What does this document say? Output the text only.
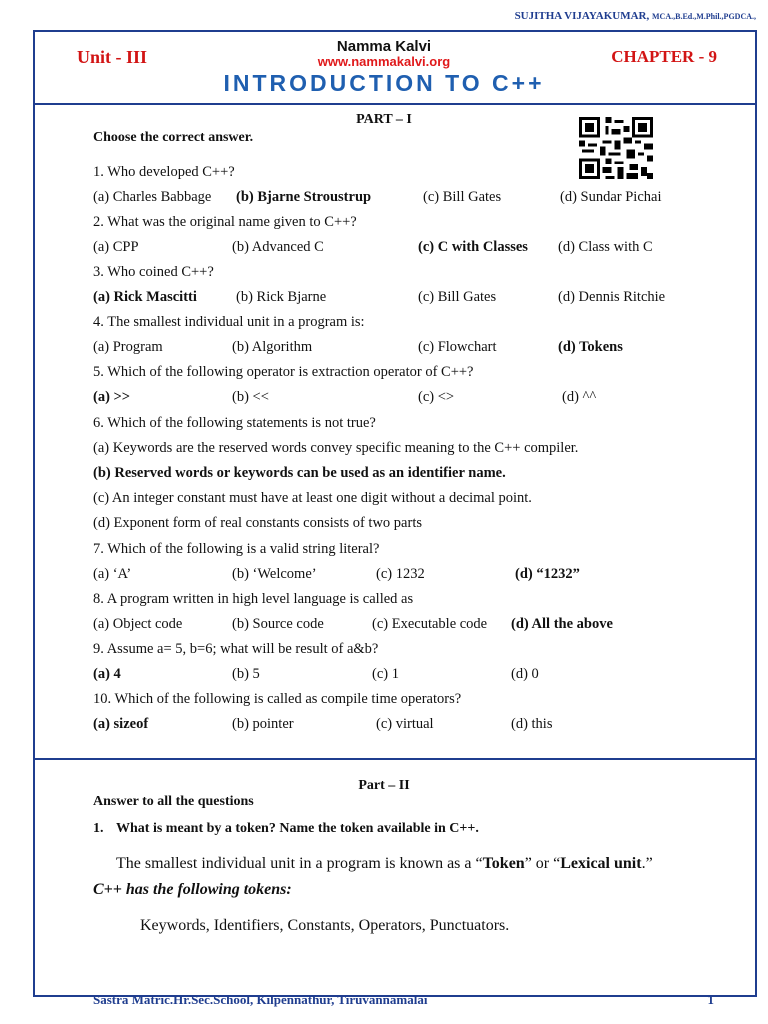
SUJITHA VIJAYAKUMAR, MCA.,B.Ed.,M.Phil.,PGDCA.,
Unit - III
Namma Kalvi
www.nammakalvi.org	CHAPTER - 9
INTRODUCTION TO C++
PART – I
Choose the correct answer.
1. Who developed C++?
(a) Charles Babbage (b) Bjarne Stroustrup	(c) Bill Gates	(d) Sundar Pichai
2. What was the original name given to C++?
(a) CPP	(b) Advanced C	(c) C with Classes (d) Class with C
3. Who coined C++?
(a) Rick Mascitti	(b) Rick Bjarne	(c) Bill Gates	(d) Dennis Ritchie
4. The smallest individual unit in a program is:
(a) Program	(b) Algorithm	(c) Flowchart	(d) Tokens
5. Which of the following operator is extraction operator of C++?
(a) >>	(b) <<	(c) <>	(d) ^^
6. Which of the following statements is not true?
(a) Keywords are the reserved words convey specific meaning to the C++ compiler.
(b) Reserved words or keywords can be used as an identifier name.
(c) An integer constant must have at least one digit without a decimal point.
(d) Exponent form of real constants consists of two parts
7. Which of the following is a valid string literal?
(a) ‘A’	(b) ‘Welcome’	(c) 1232	(d) “1232”
8. A program written in high level language is called as
(a) Object code	(b) Source code	(c) Executable code (d) All the above
9. Assume a= 5, b=6; what will be result of a&b?
(a) 4	(b) 5	(c) 1	(d) 0
10. Which of the following is called as compile time operators?
(a) sizeof	(b) pointer	(c) virtual	(d) this
Part – II
Answer to all the questions
1. What is meant by a token? Name the token available in C++.
The smallest individual unit in a program is known as a “Token” or “Lexical unit.”
C++ has the following tokens:
Keywords, Identifiers, Constants, Operators, Punctuators.
Sastra Matric.Hr.Sec.School, Kilpennathur, Tiruvannamalai	1
